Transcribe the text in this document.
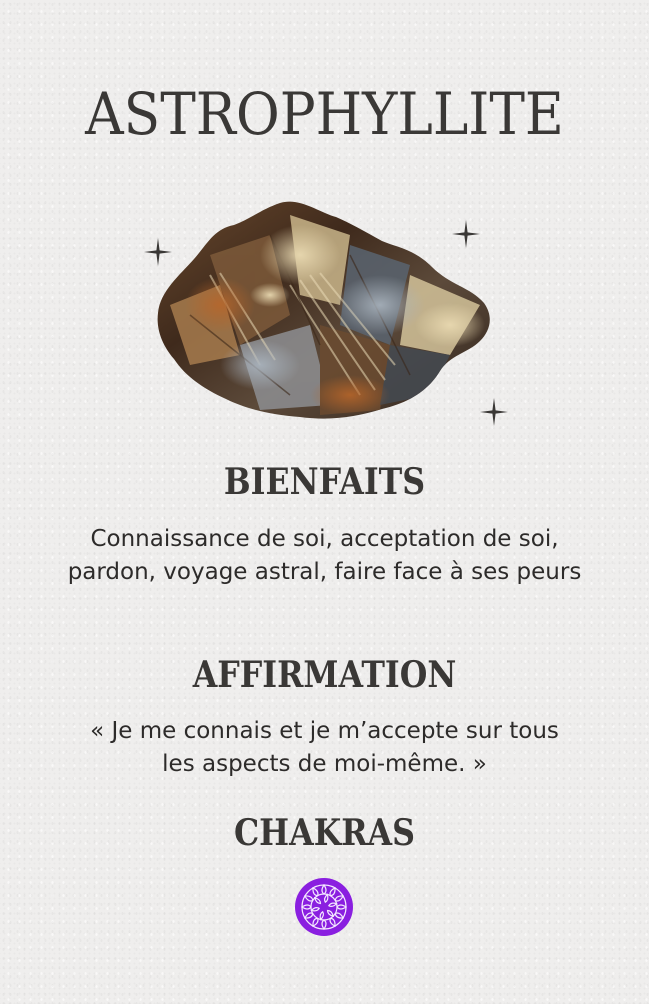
ASTROPHYLLITE
BIENFAITS

Connaissance de soi, acceptation de soi, pardon, voyage astral, faire face à ses peurs

AFFIRMATION

« Je me connais et je m’accepte sur tous les aspects de moi-même. »

CHAKRAS
